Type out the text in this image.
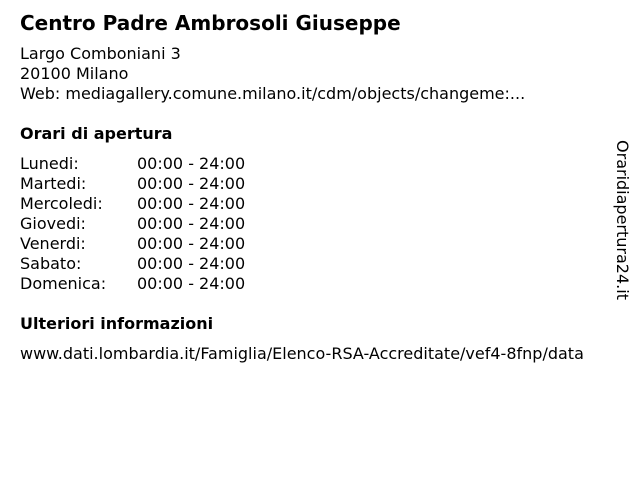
Centro Padre Ambrosoli Giuseppe
Largo Comboniani 3
20100 Milano
Web: mediagallery.comune.milano.it/cdm/objects/changeme:...
Orari di apertura
Lunedi:	00:00 - 24:00
Martedi:	00:00 - 24:00
Mercoledi:	00:00 - 24:00
Giovedi:	00:00 - 24:00
Venerdi:	00:00 - 24:00
Sabato:	00:00 - 24:00
Domenica:	00:00 - 24:00
Ulteriori informazioni
www.dati.lombardia.it/Famiglia/Elenco-RSA-Accreditate/vef4-8fnp/data
Oraridiapertura24.it
